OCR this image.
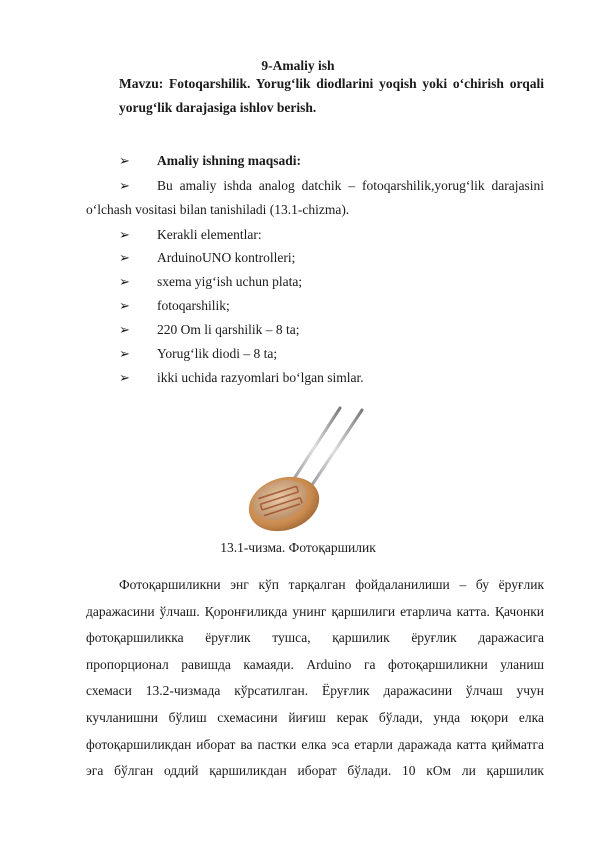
9-Amaliy ish
Mavzu: Fotoqarshilik. Yorug‘lik diodlarini yoqish yoki o‘chirish orqali
yorug‘lik darajasiga ishlov berish.
➢	Amaliy ishning maqsadi:
➢	Bu amaliy ishda analog datchik – fotoqarshilik,yorug‘lik darajasini
o‘lchash vositasi bilan tanishiladi (13.1-chizma).
➢	Kerakli elementlar:
➢	ArduinoUNO kontrolleri;
➢	sxema yig‘ish uchun plata;
➢	fotoqarshilik;
➢	220 Om li qarshilik – 8 ta;
➢	Yorug‘lik diodi – 8 ta;
➢	ikki uchida razyomlari bo‘lgan simlar.
13.1-чизма. Фотоқаршилик
Фотоқаршиликни энг кўп тарқалган фойдаланилиши – бу ёруғлик
даражасини ўлчаш. Қоронғиликда унинг қаршилиги етарлича катта. Қачонки
фотоқаршиликка ёруғлик тушса, қаршилик ёруғлик даражасига
пропорционал равишда камаяди. Arduino га фотоқаршиликни уланиш
схемаси 13.2-чизмада кўрсатилган. Ёруғлик даражасини ўлчаш учун
кучланишни бўлиш схемасини йиғиш керак бўлади, унда юқори елка
фотоқаршиликдан иборат ва пастки елка эса етарли даражада катта қийматга
эга бўлган оддий қаршиликдан иборат бўлади. 10 кОм ли қаршилик
